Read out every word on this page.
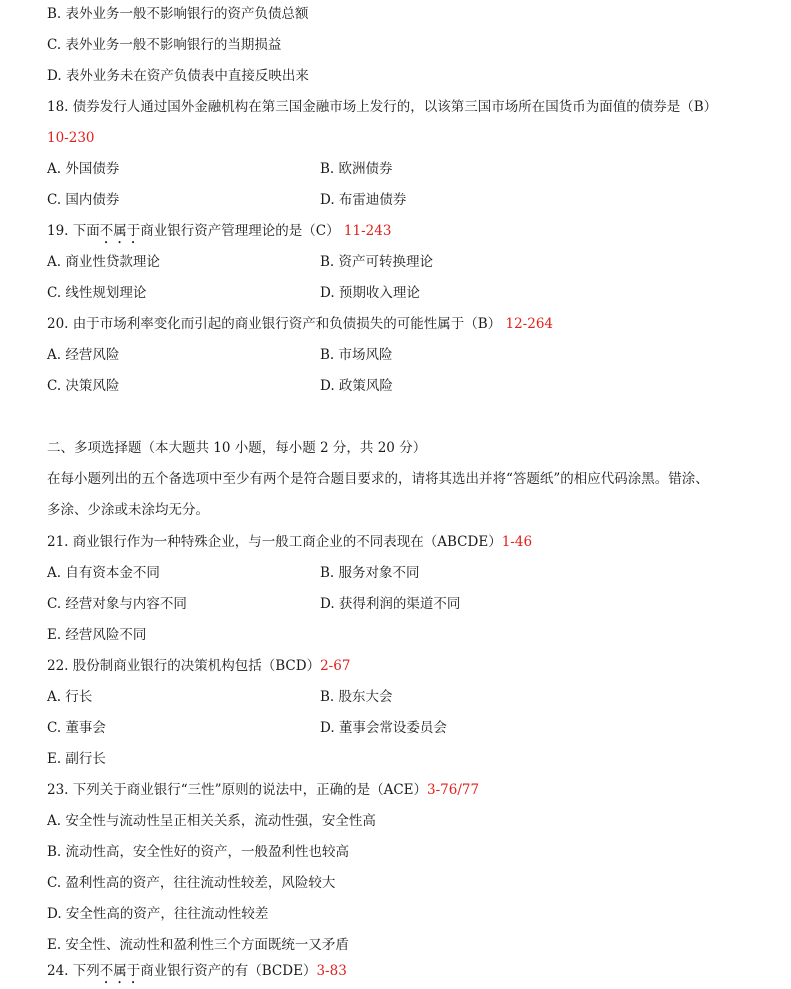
B. 表外业务一般不影响银行的资产负债总额
C. 表外业务一般不影响银行的当期损益
D. 表外业务未在资产负债表中直接反映出来
18. 债券发行人通过国外金融机构在第三国金融市场上发行的，以该第三国市场所在国货币为面值的债券是（B）
10-230
A. 外国债券	B. 欧洲债券
C. 国内债券	D. 布雷迪债券
19. 下面不属于商业银行资产管理理论的是（C） 11-243
A. 商业性贷款理论	B. 资产可转换理论
C. 线性规划理论	D. 预期收入理论
20. 由于市场利率变化而引起的商业银行资产和负债损失的可能性属于（B） 12-264
A. 经营风险	B. 市场风险
C. 决策风险	D. 政策风险
二、多项选择题（本大题共 10 小题，每小题 2 分，共 20 分）
在每小题列出的五个备选项中至少有两个是符合题目要求的，请将其选出并将“答题纸”的相应代码涂黑。错涂、
多涂、少涂或未涂均无分。
21. 商业银行作为一种特殊企业，与一般工商企业的不同表现在（ABCDE）1-46
A. 自有资本金不同	B. 服务对象不同
C. 经营对象与内容不同	D. 获得利润的渠道不同
E. 经营风险不同
22. 股份制商业银行的决策机构包括（BCD）2-67
A. 行长	B. 股东大会
C. 董事会	D. 董事会常设委员会
E. 副行长
23. 下列关于商业银行“三性”原则的说法中，正确的是（ACE）3-76/77
A. 安全性与流动性呈正相关关系，流动性强，安全性高
B. 流动性高，安全性好的资产，一般盈利性也较高
C. 盈利性高的资产，往往流动性较差，风险较大
D. 安全性高的资产，往往流动性较差
E. 安全性、流动性和盈利性三个方面既统一又矛盾
24. 下列不属于商业银行资产的有（BCDE）3-83
